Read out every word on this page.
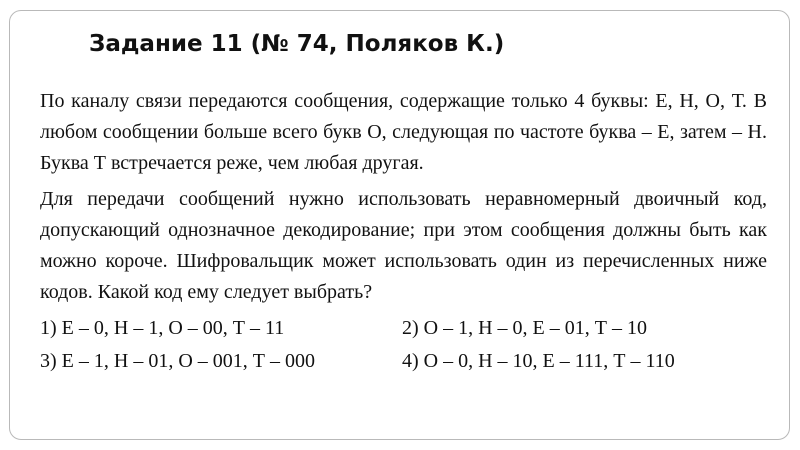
Задание 11 (№ 74, Поляков К.)

По каналу связи передаются сообщения, содержащие только 4 буквы: Е, Н, О, Т. В любом сообщении больше всего букв О, следующая по частоте буква – Е, затем – Н. Буква Т встречается реже, чем любая другая.

Для передачи сообщений нужно использовать неравномерный двоичный код, допускающий однозначное декодирование; при этом сообщения должны быть как можно короче. Шифровальщик может использовать один из перечисленных ниже кодов. Какой код ему следует выбрать?

1) Е – 0, Н – 1, О – 00, Т – 11	2) О – 1, Н – 0, Е – 01, Т – 10
3) Е – 1, Н – 01, О – 001, Т – 000	4) О – 0, Н – 10, Е – 111, Т – 110
